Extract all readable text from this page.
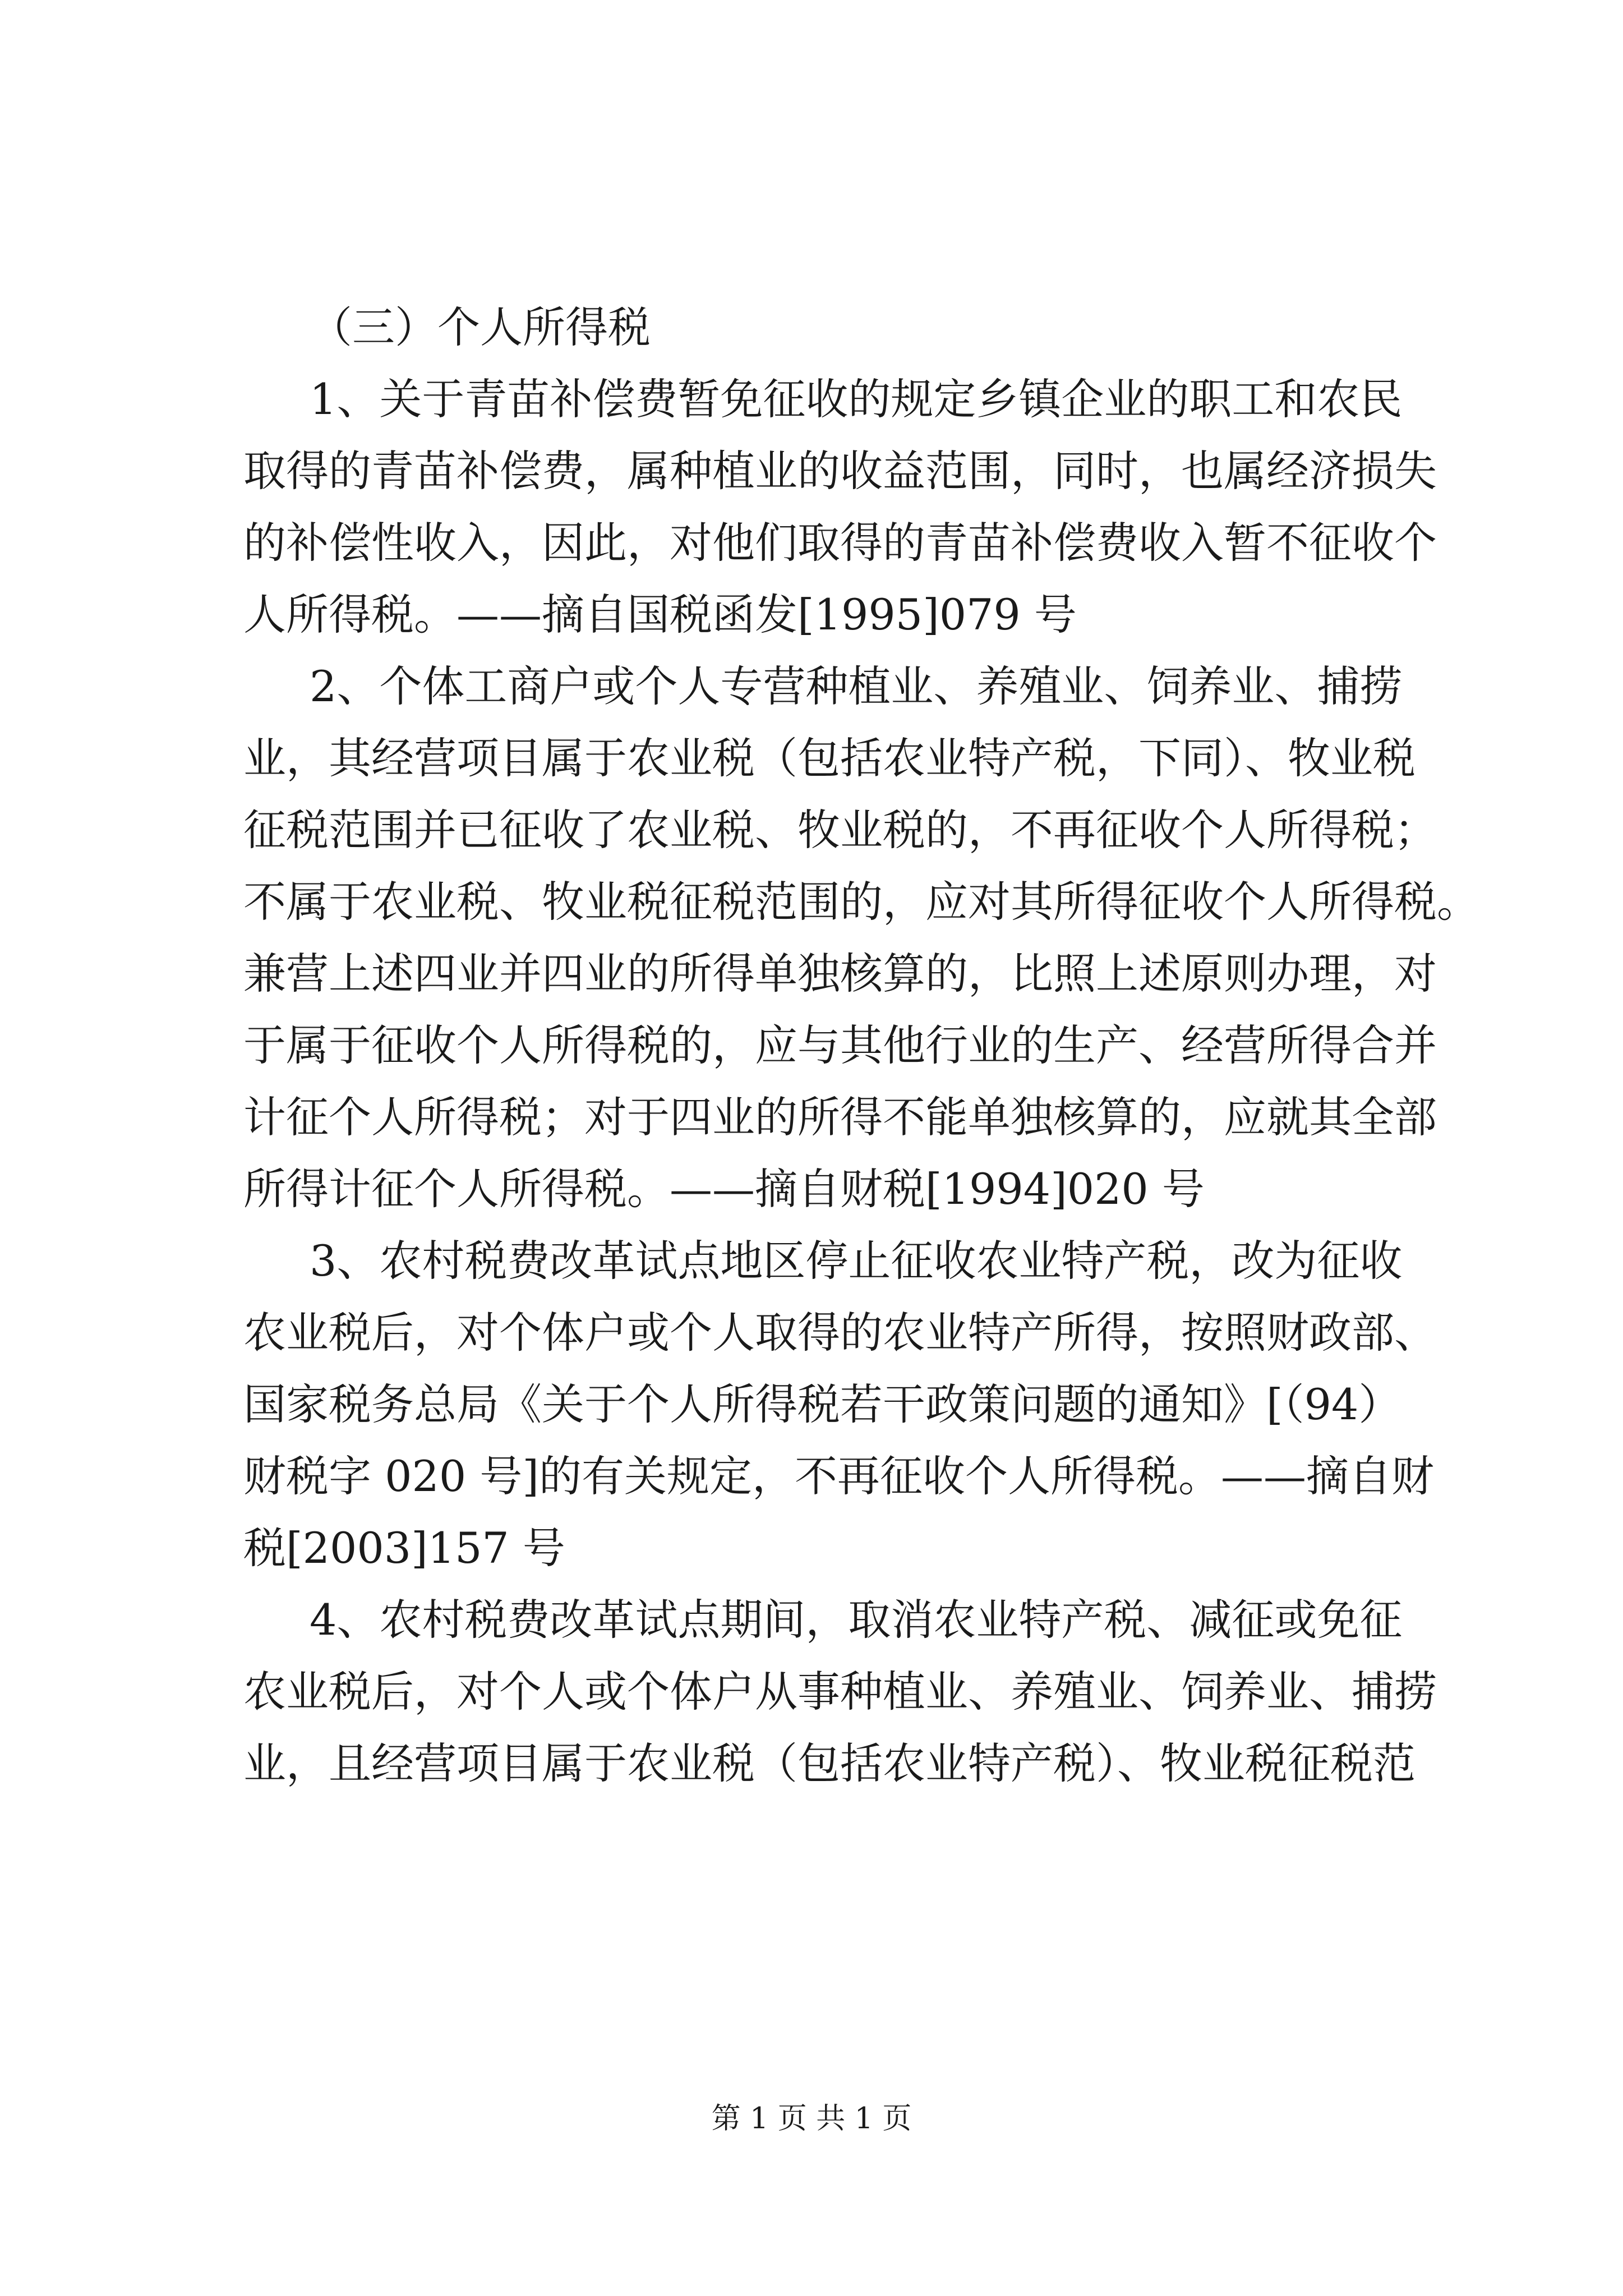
（三）个人所得税
1、关于青苗补偿费暂免征收的规定乡镇企业的职工和农民
取得的青苗补偿费，属种植业的收益范围，同时，也属经济损失
的补偿性收入，因此，对他们取得的青苗补偿费收入暂不征收个
人所得税。——摘自国税函发[1995]079 号
2、个体工商户或个人专营种植业、养殖业、饲养业、捕捞
业，其经营项目属于农业税（包括农业特产税，下同）、牧业税
征税范围并已征收了农业税、牧业税的，不再征收个人所得税；
不属于农业税、牧业税征税范围的，应对其所得征收个人所得税。
兼营上述四业并四业的所得单独核算的，比照上述原则办理，对
于属于征收个人所得税的，应与其他行业的生产、经营所得合并
计征个人所得税；对于四业的所得不能单独核算的，应就其全部
所得计征个人所得税。——摘自财税[1994]020 号
3、农村税费改革试点地区停止征收农业特产税，改为征收
农业税后，对个体户或个人取得的农业特产所得，按照财政部、
国家税务总局《关于个人所得税若干政策问题的通知》[（94）
财税字 020 号]的有关规定，不再征收个人所得税。——摘自财
税[2003]157 号
4、农村税费改革试点期间，取消农业特产税、减征或免征
农业税后，对个人或个体户从事种植业、养殖业、饲养业、捕捞
业，且经营项目属于农业税（包括农业特产税）、牧业税征税范
第 1 页 共 1 页
